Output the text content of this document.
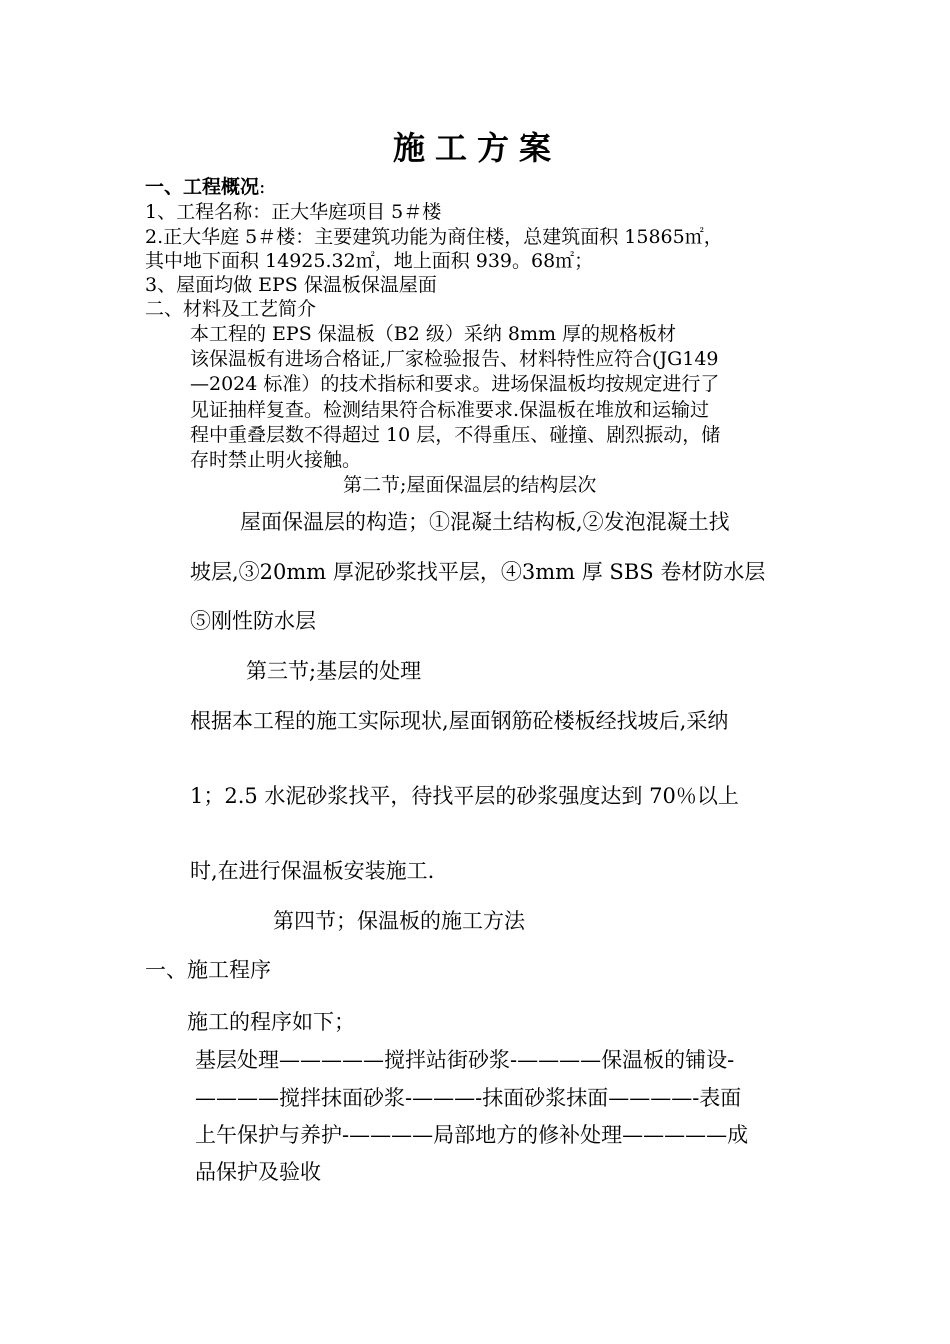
施工方案
一、工程概况:
1、工程名称：正大华庭项目 5＃楼
2.正大华庭 5＃楼：主要建筑功能为商住楼，总建筑面积 15865㎡，
其中地下面积 14925.32㎡，地上面积 939。68㎡；
3、屋面均做 EPS 保温板保温屋面
二、材料及工艺简介
本工程的 EPS 保温板（B2 级）采纳 8mm 厚的规格板材
该保温板有进场合格证,厂家检验报告、材料特性应符合(JG149
—2024 标准）的技术指标和要求。进场保温板均按规定进行了
见证抽样复查。检测结果符合标准要求.保温板在堆放和运输过
程中重叠层数不得超过 10 层，不得重压、碰撞、剧烈振动，储
存时禁止明火接触。
第二节;屋面保温层的结构层次
屋面保温层的构造；①混凝土结构板,②发泡混凝土找
坡层,③20mm 厚泥砂浆找平层，④3mm 厚 SBS 卷材防水层
⑤刚性防水层
第三节;基层的处理
根据本工程的施工实际现状,屋面钢筋砼楼板经找坡后,采纳
1；2.5 水泥砂浆找平，待找平层的砂浆强度达到 70％以上
时,在进行保温板安装施工.
第四节；保温板的施工方法
一、施工程序
施工的程序如下；
基层处理—————搅拌站街砂浆-————保温板的铺设-
————搅拌抹面砂浆-———-抹面砂浆抹面————-表面
上午保护与养护-————局部地方的修补处理—————成
品保护及验收
